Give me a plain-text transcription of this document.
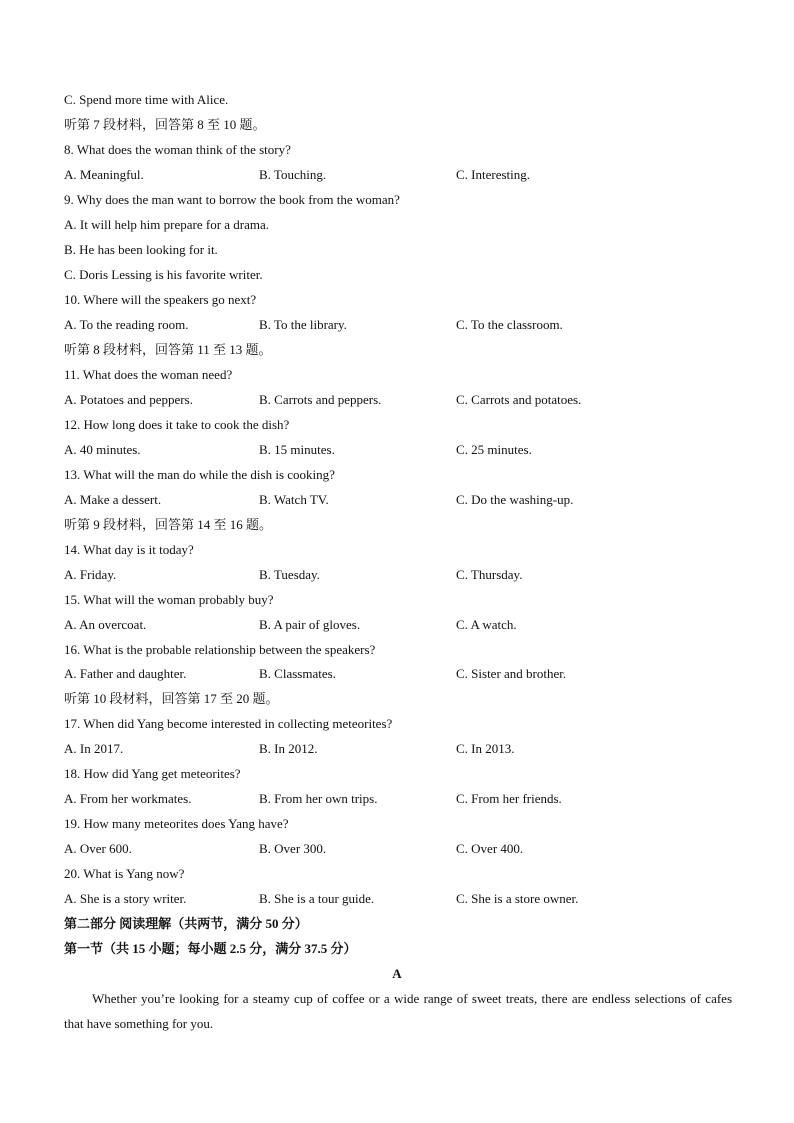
C. Spend more time with Alice.
听第 7 段材料，回答第 8 至 10 题。
8. What does the woman think of the story?
A. Meaningful.	B. Touching.	C. Interesting.
9. Why does the man want to borrow the book from the woman?
A. It will help him prepare for a drama.
B. He has been looking for it.
C. Doris Lessing is his favorite writer.
10. Where will the speakers go next?
A. To the reading room.	B. To the library.	C. To the classroom.
听第 8 段材料，回答第 11 至 13 题。
11. What does the woman need?
A. Potatoes and peppers.	B. Carrots and peppers.	C. Carrots and potatoes.
12. How long does it take to cook the dish?
A. 40 minutes.	B. 15 minutes.	C. 25 minutes.
13. What will the man do while the dish is cooking?
A. Make a dessert.	B. Watch TV.	C. Do the washing-up.
听第 9 段材料，回答第 14 至 16 题。
14. What day is it today?
A. Friday.	B. Tuesday.	C. Thursday.
15. What will the woman probably buy?
A. An overcoat.	B. A pair of gloves.	C. A watch.
16. What is the probable relationship between the speakers?
A. Father and daughter.	B. Classmates.	C. Sister and brother.
听第 10 段材料，回答第 17 至 20 题。
17. When did Yang become interested in collecting meteorites?
A. In 2017.	B. In 2012.	C. In 2013.
18. How did Yang get meteorites?
A. From her workmates.	B. From her own trips.	C. From her friends.
19. How many meteorites does Yang have?
A. Over 600.	B. Over 300.	C. Over 400.
20. What is Yang now?
A. She is a story writer.	B. She is a tour guide.	C. She is a store owner.
第二部分 阅读理解（共两节，满分 50 分）
第一节（共 15 小题；每小题 2.5 分，满分 37.5 分）
A
Whether you’re looking for a steamy cup of coffee or a wide range of sweet treats, there are endless selections of cafes that have something for you.
